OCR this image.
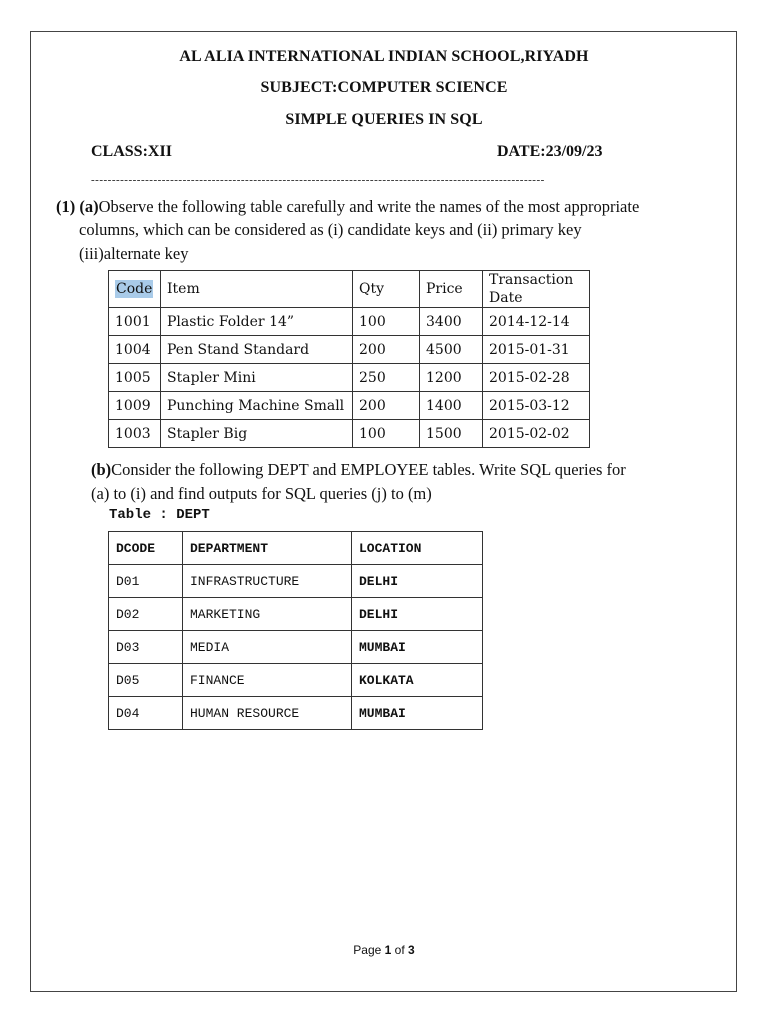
AL ALIA INTERNATIONAL INDIAN SCHOOL,RIYADH
SUBJECT:COMPUTER SCIENCE
SIMPLE QUERIES IN SQL
CLASS:XII	DATE:23/09/23
-------------------------------------------------------------------------------------------------------------
(1) (a)Observe the following table carefully and write the names of the most appropriate
columns, which can be considered as (i) candidate keys and (ii) primary key
(iii)alternate key
Code	Item	Qty	Price	Transaction Date
1001	Plastic Folder 14”	100	3400	2014-12-14
1004	Pen Stand Standard	200	4500	2015-01-31
1005	Stapler Mini	250	1200	2015-02-28
1009	Punching Machine Small	200	1400	2015-03-12
1003	Stapler Big	100	1500	2015-02-02
(b)Consider the following DEPT and EMPLOYEE tables. Write SQL queries for
(a) to (i) and find outputs for SQL queries (j) to (m)
Table : DEPT
DCODE	DEPARTMENT	LOCATION
D01	INFRASTRUCTURE	DELHI
D02	MARKETING	DELHI
D03	MEDIA	MUMBAI
D05	FINANCE	KOLKATA
D04	HUMAN RESOURCE	MUMBAI
Page 1 of 3
